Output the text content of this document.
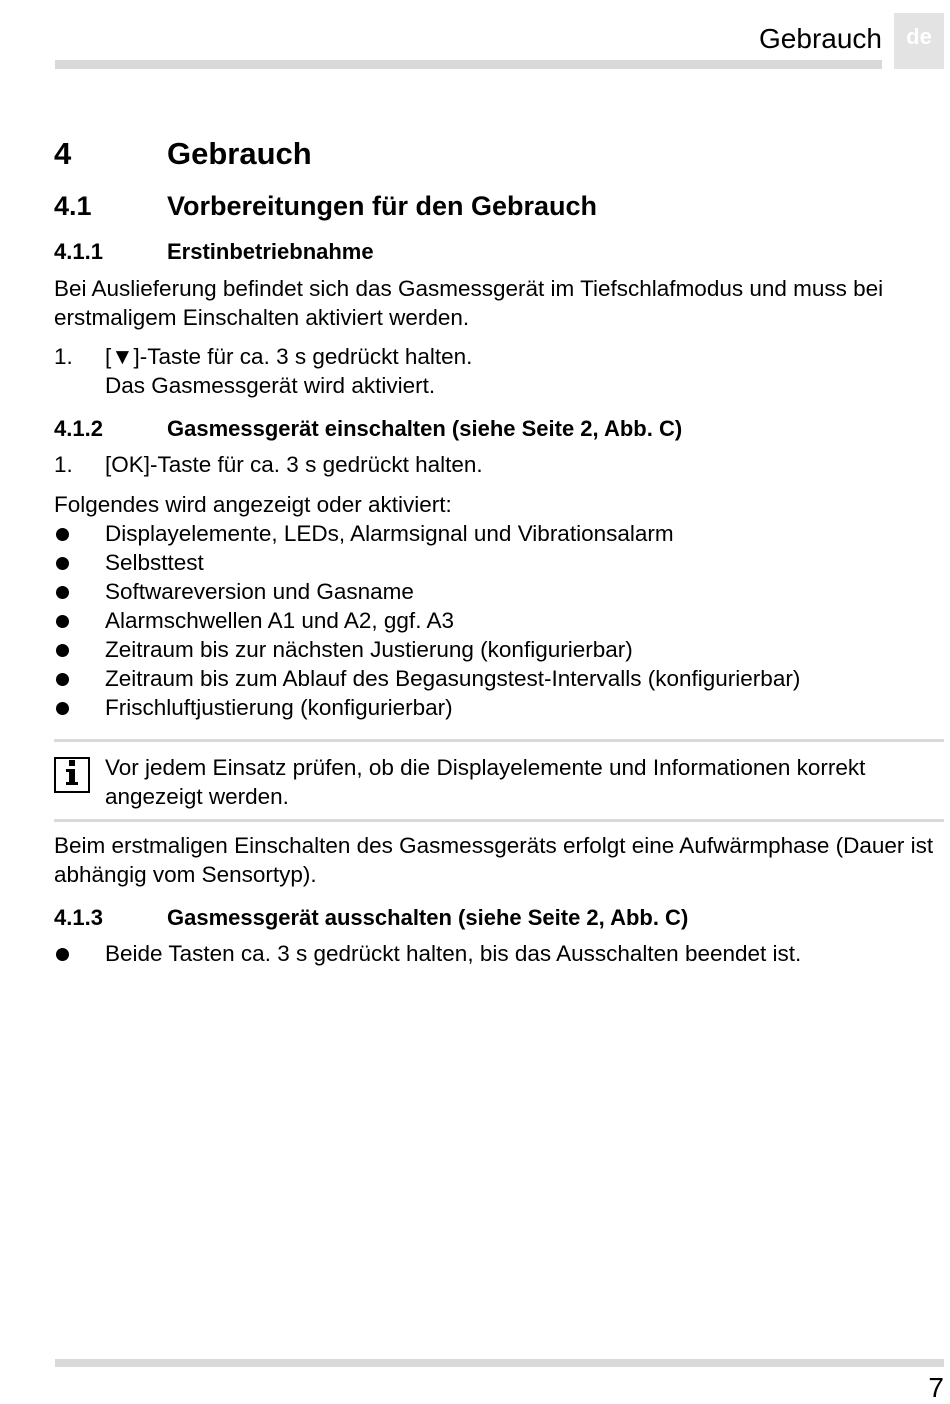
Gebrauch	de
4	Gebrauch
4.1	Vorbereitungen für den Gebrauch
4.1.1	Erstinbetriebnahme

Bei Auslieferung befindet sich das Gasmessgerät im Tiefschlafmodus und muss bei erstmaligem Einschalten aktiviert werden.

1.	[▼]-Taste für ca. 3 s gedrückt halten.
Das Gasmessgerät wird aktiviert.
4.1.2	Gasmessgerät einschalten (siehe Seite 2, Abb. C)
1.	[OK]-Taste für ca. 3 s gedrückt halten.

Folgendes wird angezeigt oder aktiviert:

Displayelemente, LEDs, Alarmsignal und Vibrationsalarm
Selbsttest
Softwareversion und Gasname
Alarmschwellen A1 und A2, ggf. A3
Zeitraum bis zur nächsten Justierung (konfigurierbar)
Zeitraum bis zum Ablauf des Begasungstest-Intervalls (konfigurierbar)
Frischluftjustierung (konfigurierbar)

Vor jedem Einsatz prüfen, ob die Displayelemente und Informationen korrekt angezeigt werden.

Beim erstmaligen Einschalten des Gasmessgeräts erfolgt eine Aufwärmphase (Dauer ist abhängig vom Sensortyp).

4.1.3	Gasmessgerät ausschalten (siehe Seite 2, Abb. C)
Beide Tasten ca. 3 s gedrückt halten, bis das Ausschalten beendet ist.
7
